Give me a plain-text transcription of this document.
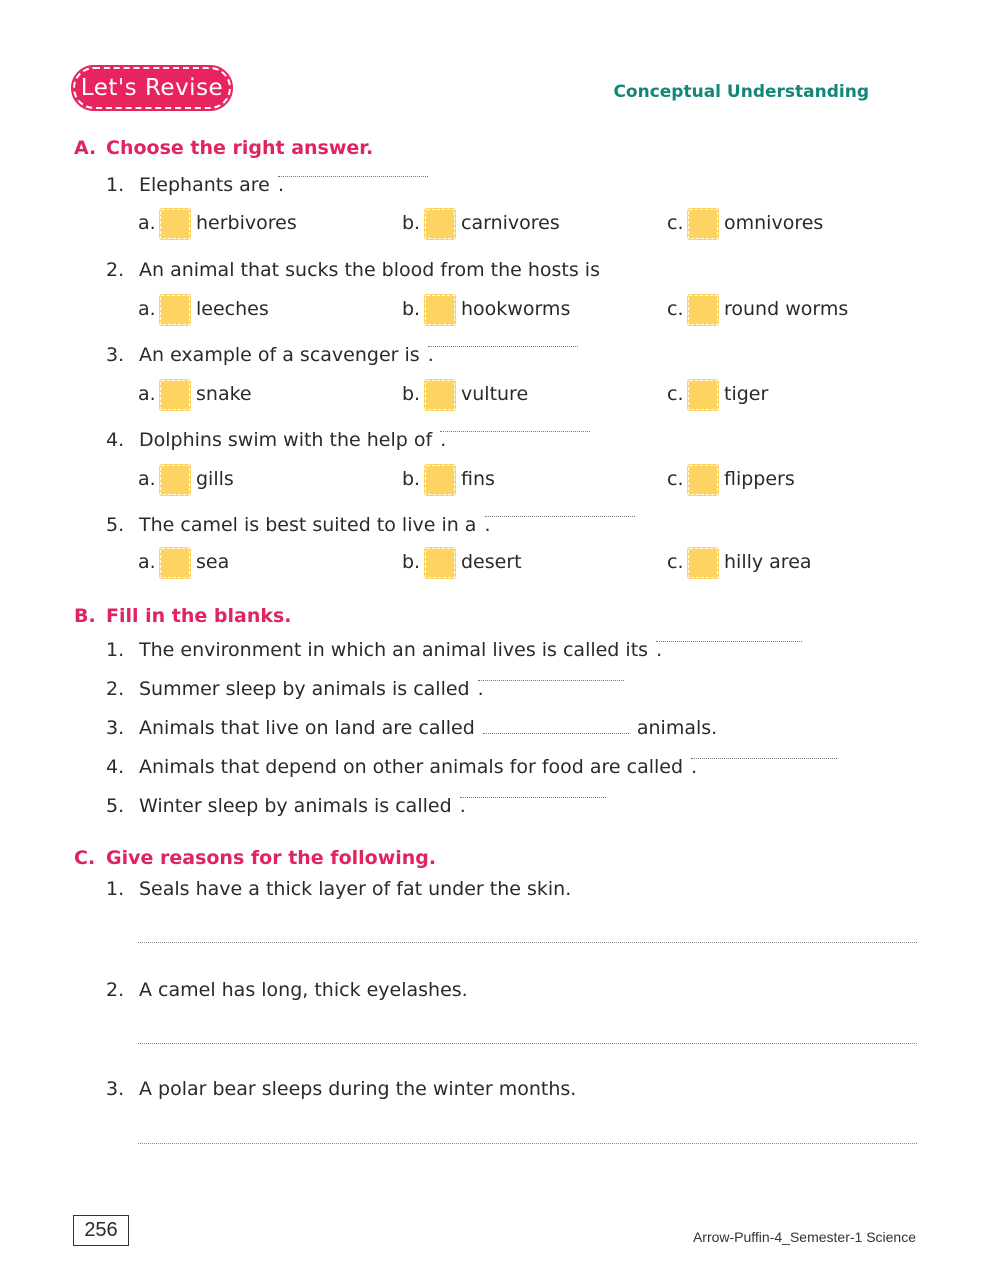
Let's Revise	Conceptual Understanding
A. Choose the right answer.
1. Elephants are .
a. herbivores	b. carnivores	c. omnivores
2. An animal that sucks the blood from the hosts is
a. leeches	b. hookworms	c. round worms
3. An example of a scavenger is .
a. snake	b. vulture	c. tiger
4. Dolphins swim with the help of .
a. gills	b. fins	c. flippers
5. The camel is best suited to live in a .
a. sea	b. desert	c. hilly area
B. Fill in the blanks.
1. The environment in which an animal lives is called its .
2. Summer sleep by animals is called .
3. Animals that live on land are called	animals.
4. Animals that depend on other animals for food are called .
5. Winter sleep by animals is called .
C. Give reasons for the following.
1. Seals have a thick layer of fat under the skin.
2. A camel has long, thick eyelashes.
3. A polar bear sleeps during the winter months.
256	Arrow-Puffin-4_Semester-1 Science
